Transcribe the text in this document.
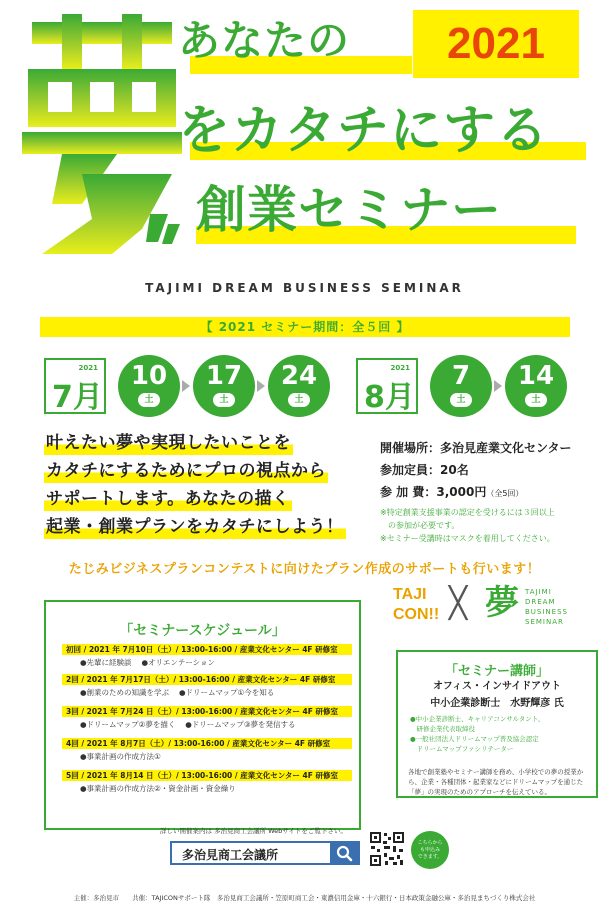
あなたの 2021
をカタチにする
創業セミナー
TAJIMI DREAM BUSINESS SEMINAR
【 2021 セミナー期間：全５回 】
2021
7月
10
土
17
土
24
土
2021
8月
7
土
14
土
叶えたい夢や実現したいことを
カタチにするためにプロの視点から
サポートします。あなたの描く
起業・創業プランをカタチにしよう！
開催場所：多治見産業文化センター
参加定員：20名
参 加 費：3,000円（全5回）
※特定創業支援事業の認定を受けるには３回以上
　の参加が必要です。
※セミナー受講時はマスクを着用してください。
たじみビジネスプランコンテストに向けたプラン作成のサポートも行います！
TAJI
CON!! ╳ 夢 TAJIMI
DREAM
BUSINESS
SEMINAR
「セミナースケジュール」
初回 / 2021 年 7月10日（土）/ 13:00-16:00 / 産業文化センター 4F 研修室
●先輩に経験談　 ●オリエンテーション
2回 / 2021 年 7月17日（土）/ 13:00-16:00 / 産業文化センター 4F 研修室
●創業のための知識を学ぶ　 ●ドリームマップ①今を知る
3回 / 2021 年 7月24 日（土）/ 13:00-16:00 / 産業文化センター 4F 研修室
●ドリームマップ②夢を描く　 ●ドリームマップ③夢を発信する
4回 / 2021 年 8月7日（土）/ 13:00-16:00 / 産業文化センター 4F 研修室
●事業計画の作成方法①
5回 / 2021 年 8月14 日（土）/ 13:00-16:00 / 産業文化センター 4F 研修室
●事業計画の作成方法②・資金計画・資金繰り
「セミナー講師」
オフィス・インサイドアウト
中小企業診断士　水野輝彦 氏
●中小企業診断士、キャリアコンサルタント、
　研修企業代表取締役
●一般社団法人ドリームマップ普及協会認定
　ドリームマップファシリテーター
各地で創業塾やセミナー講師を務め、小学校での夢の授業から、企業・各種団体・起業家などにドリームマップを通じた「夢」の実現のためのアプローチを伝えている。
詳しい開催案内は 多治見商工会議所 Webサイトをご覧下さい。
多治見商工会議所
こちらから
も申込み
できます。
主催：多治見市　　共催：TAJICONサポート隊　多治見商工会議所・笠原町商工会・東濃信用金庫・十六銀行・日本政策金融公庫・多治見まちづくり株式会社
